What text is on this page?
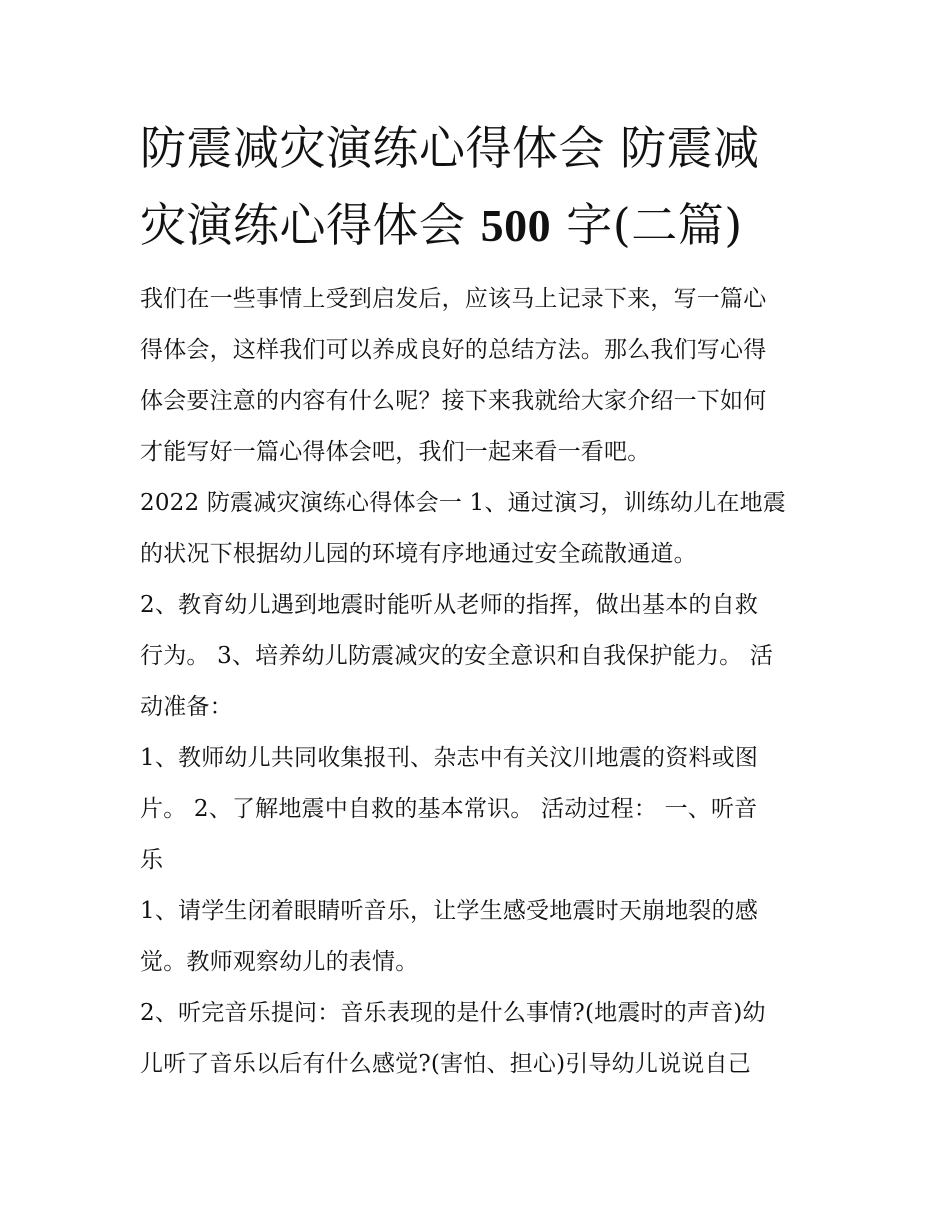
防震减灾演练心得体会 防震减
灾演练心得体会 500 字(二篇)

我们在一些事情上受到启发后，应该马上记录下来，写一篇心
得体会，这样我们可以养成良好的总结方法。那么我们写心得
体会要注意的内容有什么呢？接下来我就给大家介绍一下如何
才能写好一篇心得体会吧，我们一起来看一看吧。

2022 防震减灾演练心得体会一 1、通过演习，训练幼儿在地震
的状况下根据幼儿园的环境有序地通过安全疏散通道。

2、教育幼儿遇到地震时能听从老师的指挥，做出基本的自救
行为。 3、培养幼儿防震减灾的安全意识和自我保护能力。 活
动准备：

1、教师幼儿共同收集报刊、杂志中有关汶川地震的资料或图
片。 2、了解地震中自救的基本常识。 活动过程： 一、听音
乐

1、请学生闭着眼睛听音乐，让学生感受地震时天崩地裂的感
觉。教师观察幼儿的表情。

2、听完音乐提问：音乐表现的是什么事情?(地震时的声音)幼
儿听了音乐以后有什么感觉?(害怕、担心)引导幼儿说说自己
